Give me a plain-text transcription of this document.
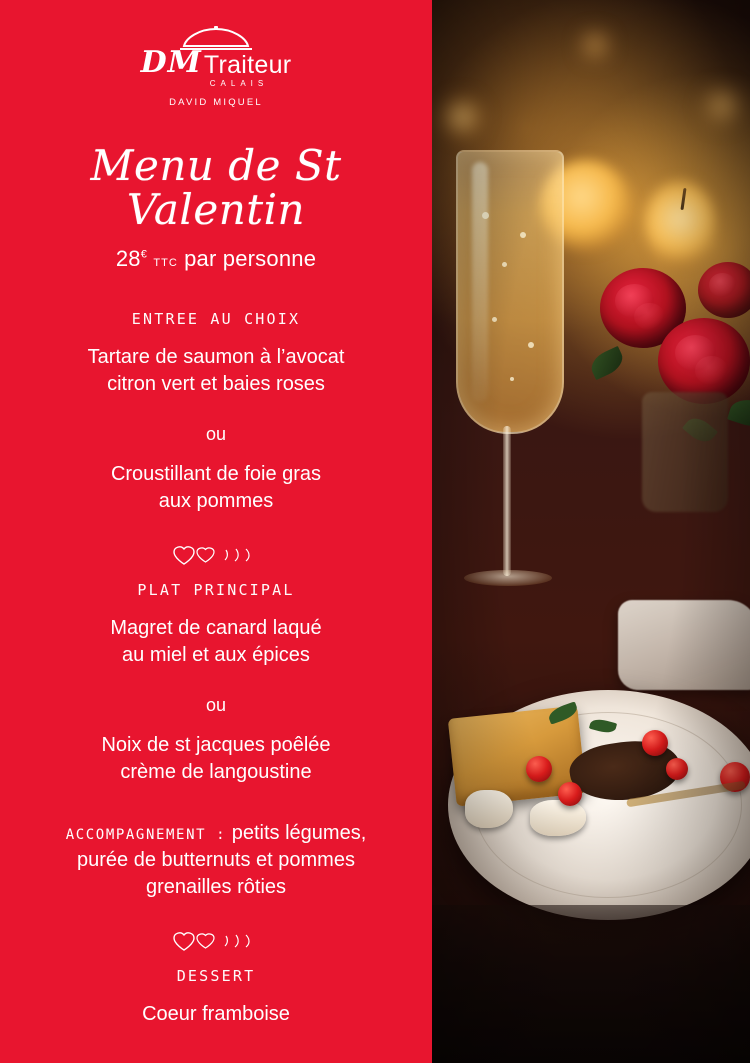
DM Traiteur
CALAIS
DAVID MIQUEL
Menu de St Valentin
28€ TTC par personne
ENTREE AU CHOIX
Tartare de saumon à l’avocat
citron vert et baies roses
ou
Croustillant de foie gras
aux pommes
PLAT PRINCIPAL
Magret de canard laqué
au miel et aux épices
ou
Noix de st jacques poêlée
crème de langoustine
ACCOMPAGNEMENT : petits légumes,
purée de butternuts et pommes
grenailles rôties
DESSERT
Coeur framboise
